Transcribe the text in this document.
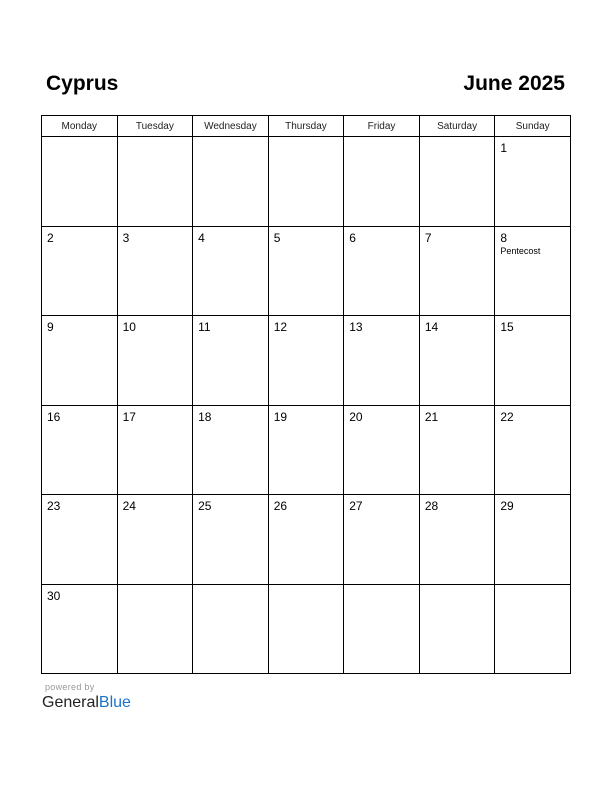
Cyprus	June 2025
Monday	Tuesday	Wednesday	Thursday	Friday	Saturday	Sunday

						1

2	3	4	5	6	7	8
Pentecost

9	10	11	12	13	14	15

16	17	18	19	20	21	22

23	24	25	26	27	28	29

30						

powered by
GeneralBlue
